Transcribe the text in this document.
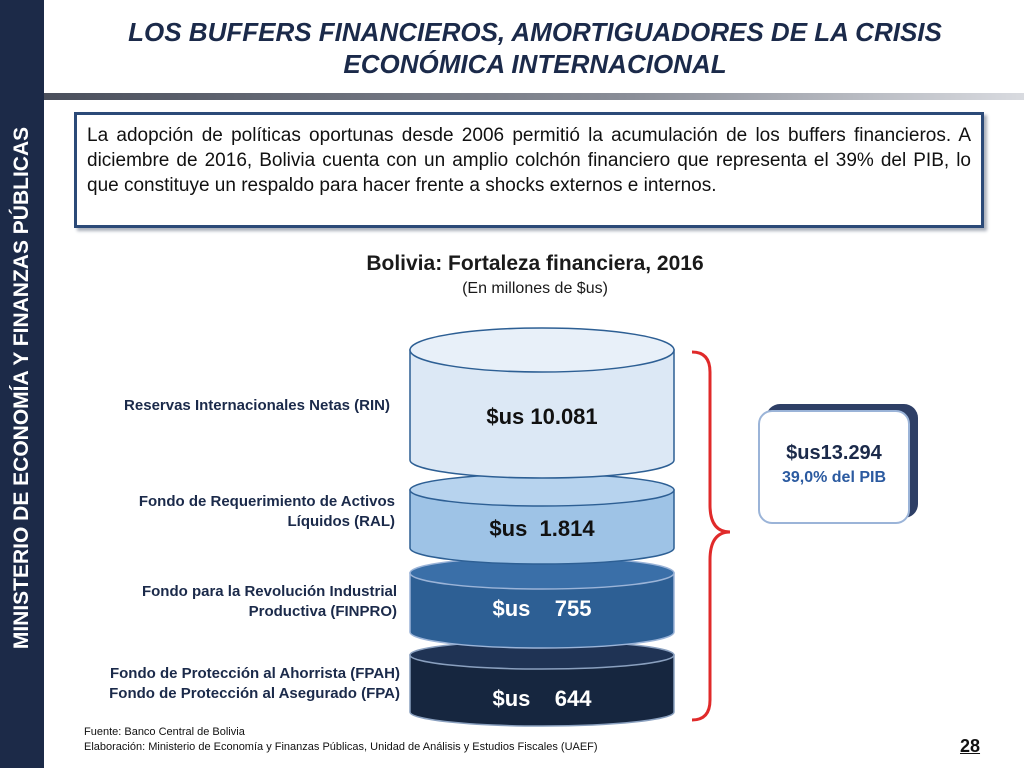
MINISTERIO DE ECONOMÍA Y FINANZAS PÚBLICAS
LOS BUFFERS FINANCIEROS, AMORTIGUADORES DE LA CRISIS
ECONÓMICA INTERNACIONAL
La adopción de políticas oportunas desde 2006 permitió la acumulación de los buffers financieros. A diciembre de 2016, Bolivia cuenta con un amplio colchón financiero que representa el 39% del PIB, lo que constituye un respaldo para hacer frente a shocks externos e internos.
Bolivia: Fortaleza financiera, 2016
(En millones de $us)
Reservas Internacionales Netas (RIN)
Fondo de Requerimiento de Activos
Líquidos (RAL)
Fondo para la Revolución Industrial
Productiva (FINPRO)
Fondo de Protección al Ahorrista (FPAH)
Fondo de Protección al Asegurado (FPA)
$us 10.081
$us  1.814
$us    755
$us    644
$us13.294
39,0% del PIB
Fuente: Banco Central de Bolivia
Elaboración: Ministerio de Economía y Finanzas Públicas, Unidad de Análisis y Estudios Fiscales (UAEF)	28
